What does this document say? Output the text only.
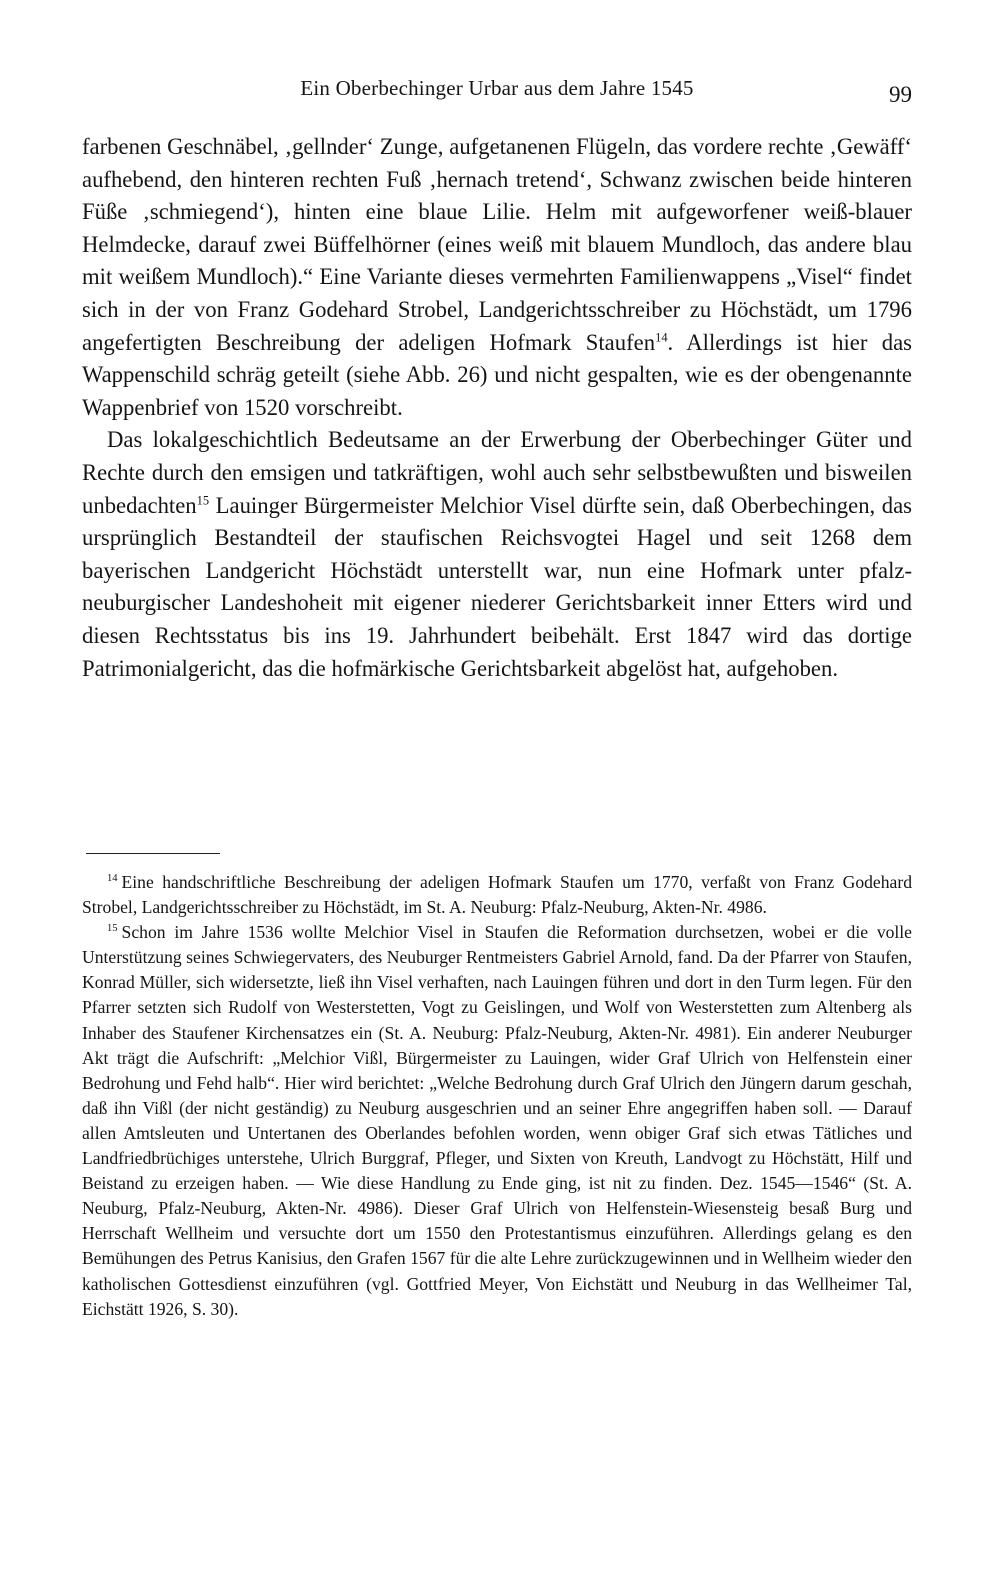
Ein Oberbechinger Urbar aus dem Jahre 1545	99

farbenen Geschnäbel, ‚gellnder‘ Zunge, aufgetanenen Flügeln, das vordere rechte ‚Gewäff‘ aufhebend, den hinteren rechten Fuß ‚hernach tretend‘, Schwanz zwischen beide hinteren Füße ‚schmiegend‘), hinten eine blaue Lilie. Helm mit aufgeworfener weiß-blauer Helmdecke, darauf zwei Büffelhörner (eines weiß mit blauem Mundloch, das andere blau mit weißem Mundloch).“ Eine Variante dieses vermehrten Familienwappens „Visel“ findet sich in der von Franz Godehard Strobel, Landgerichtsschreiber zu Höchstädt, um 1796 angefertigten Beschreibung der adeligen Hofmark Staufen$^{14}$. Allerdings ist hier das Wappenschild schräg geteilt (siehe Abb. 26) und nicht gespalten, wie es der obengenannte Wappenbrief von 1520 vorschreibt.

Das lokalgeschichtlich Bedeutsame an der Erwerbung der Oberbechinger Güter und Rechte durch den emsigen und tatkräftigen, wohl auch sehr selbstbewußten und bisweilen unbedachten$^{15}$ Lauinger Bürgermeister Melchior Visel dürfte sein, daß Oberbechingen, das ursprünglich Bestandteil der staufischen Reichsvogtei Hagel und seit 1268 dem bayerischen Landgericht Höchstädt unterstellt war, nun eine Hofmark unter pfalz-neuburgischer Landeshoheit mit eigener niederer Gerichtsbarkeit inner Etters wird und diesen Rechtsstatus bis ins 19. Jahrhundert beibehält. Erst 1847 wird das dortige Patrimonialgericht, das die hofmärkische Gerichtsbarkeit abgelöst hat, aufgehoben.

$^{14}$ Eine handschriftliche Beschreibung der adeligen Hofmark Staufen um 1770, verfaßt von Franz Godehard Strobel, Landgerichtsschreiber zu Höchstädt, im St. A. Neuburg: Pfalz-Neuburg, Akten-Nr. 4986.

$^{15}$ Schon im Jahre 1536 wollte Melchior Visel in Staufen die Reformation durchsetzen, wobei er die volle Unterstützung seines Schwiegervaters, des Neuburger Rentmeisters Gabriel Arnold, fand. Da der Pfarrer von Staufen, Konrad Müller, sich widersetzte, ließ ihn Visel verhaften, nach Lauingen führen und dort in den Turm legen. Für den Pfarrer setzten sich Rudolf von Westerstetten, Vogt zu Geislingen, und Wolf von Westerstetten zum Altenberg als Inhaber des Staufener Kirchensatzes ein (St. A. Neuburg: Pfalz-Neuburg, Akten-Nr. 4981). Ein anderer Neuburger Akt trägt die Aufschrift: „Melchior Vißl, Bürgermeister zu Lauingen, wider Graf Ulrich von Helfenstein einer Bedrohung und Fehd halb“. Hier wird berichtet: „Welche Bedrohung durch Graf Ulrich den Jüngern darum geschah, daß ihn Vißl (der nicht geständig) zu Neuburg ausgeschrien und an seiner Ehre angegriffen haben soll. — Darauf allen Amtsleuten und Untertanen des Oberlandes befohlen worden, wenn obiger Graf sich etwas Tätliches und Landfriedbrüchiges unterstehe, Ulrich Burggraf, Pfleger, und Sixten von Kreuth, Landvogt zu Höchstätt, Hilf und Beistand zu erzeigen haben. — Wie diese Handlung zu Ende ging, ist nit zu finden. Dez. 1545—1546“ (St. A. Neuburg, Pfalz-Neuburg, Akten-Nr. 4986). Dieser Graf Ulrich von Helfenstein-Wiesensteig besaß Burg und Herrschaft Wellheim und versuchte dort um 1550 den Protestantismus einzuführen. Allerdings gelang es den Bemühungen des Petrus Kanisius, den Grafen 1567 für die alte Lehre zurückzugewinnen und in Wellheim wieder den katholischen Gottesdienst einzuführen (vgl. Gottfried Meyer, Von Eichstätt und Neuburg in das Wellheimer Tal, Eichstätt 1926, S. 30).
